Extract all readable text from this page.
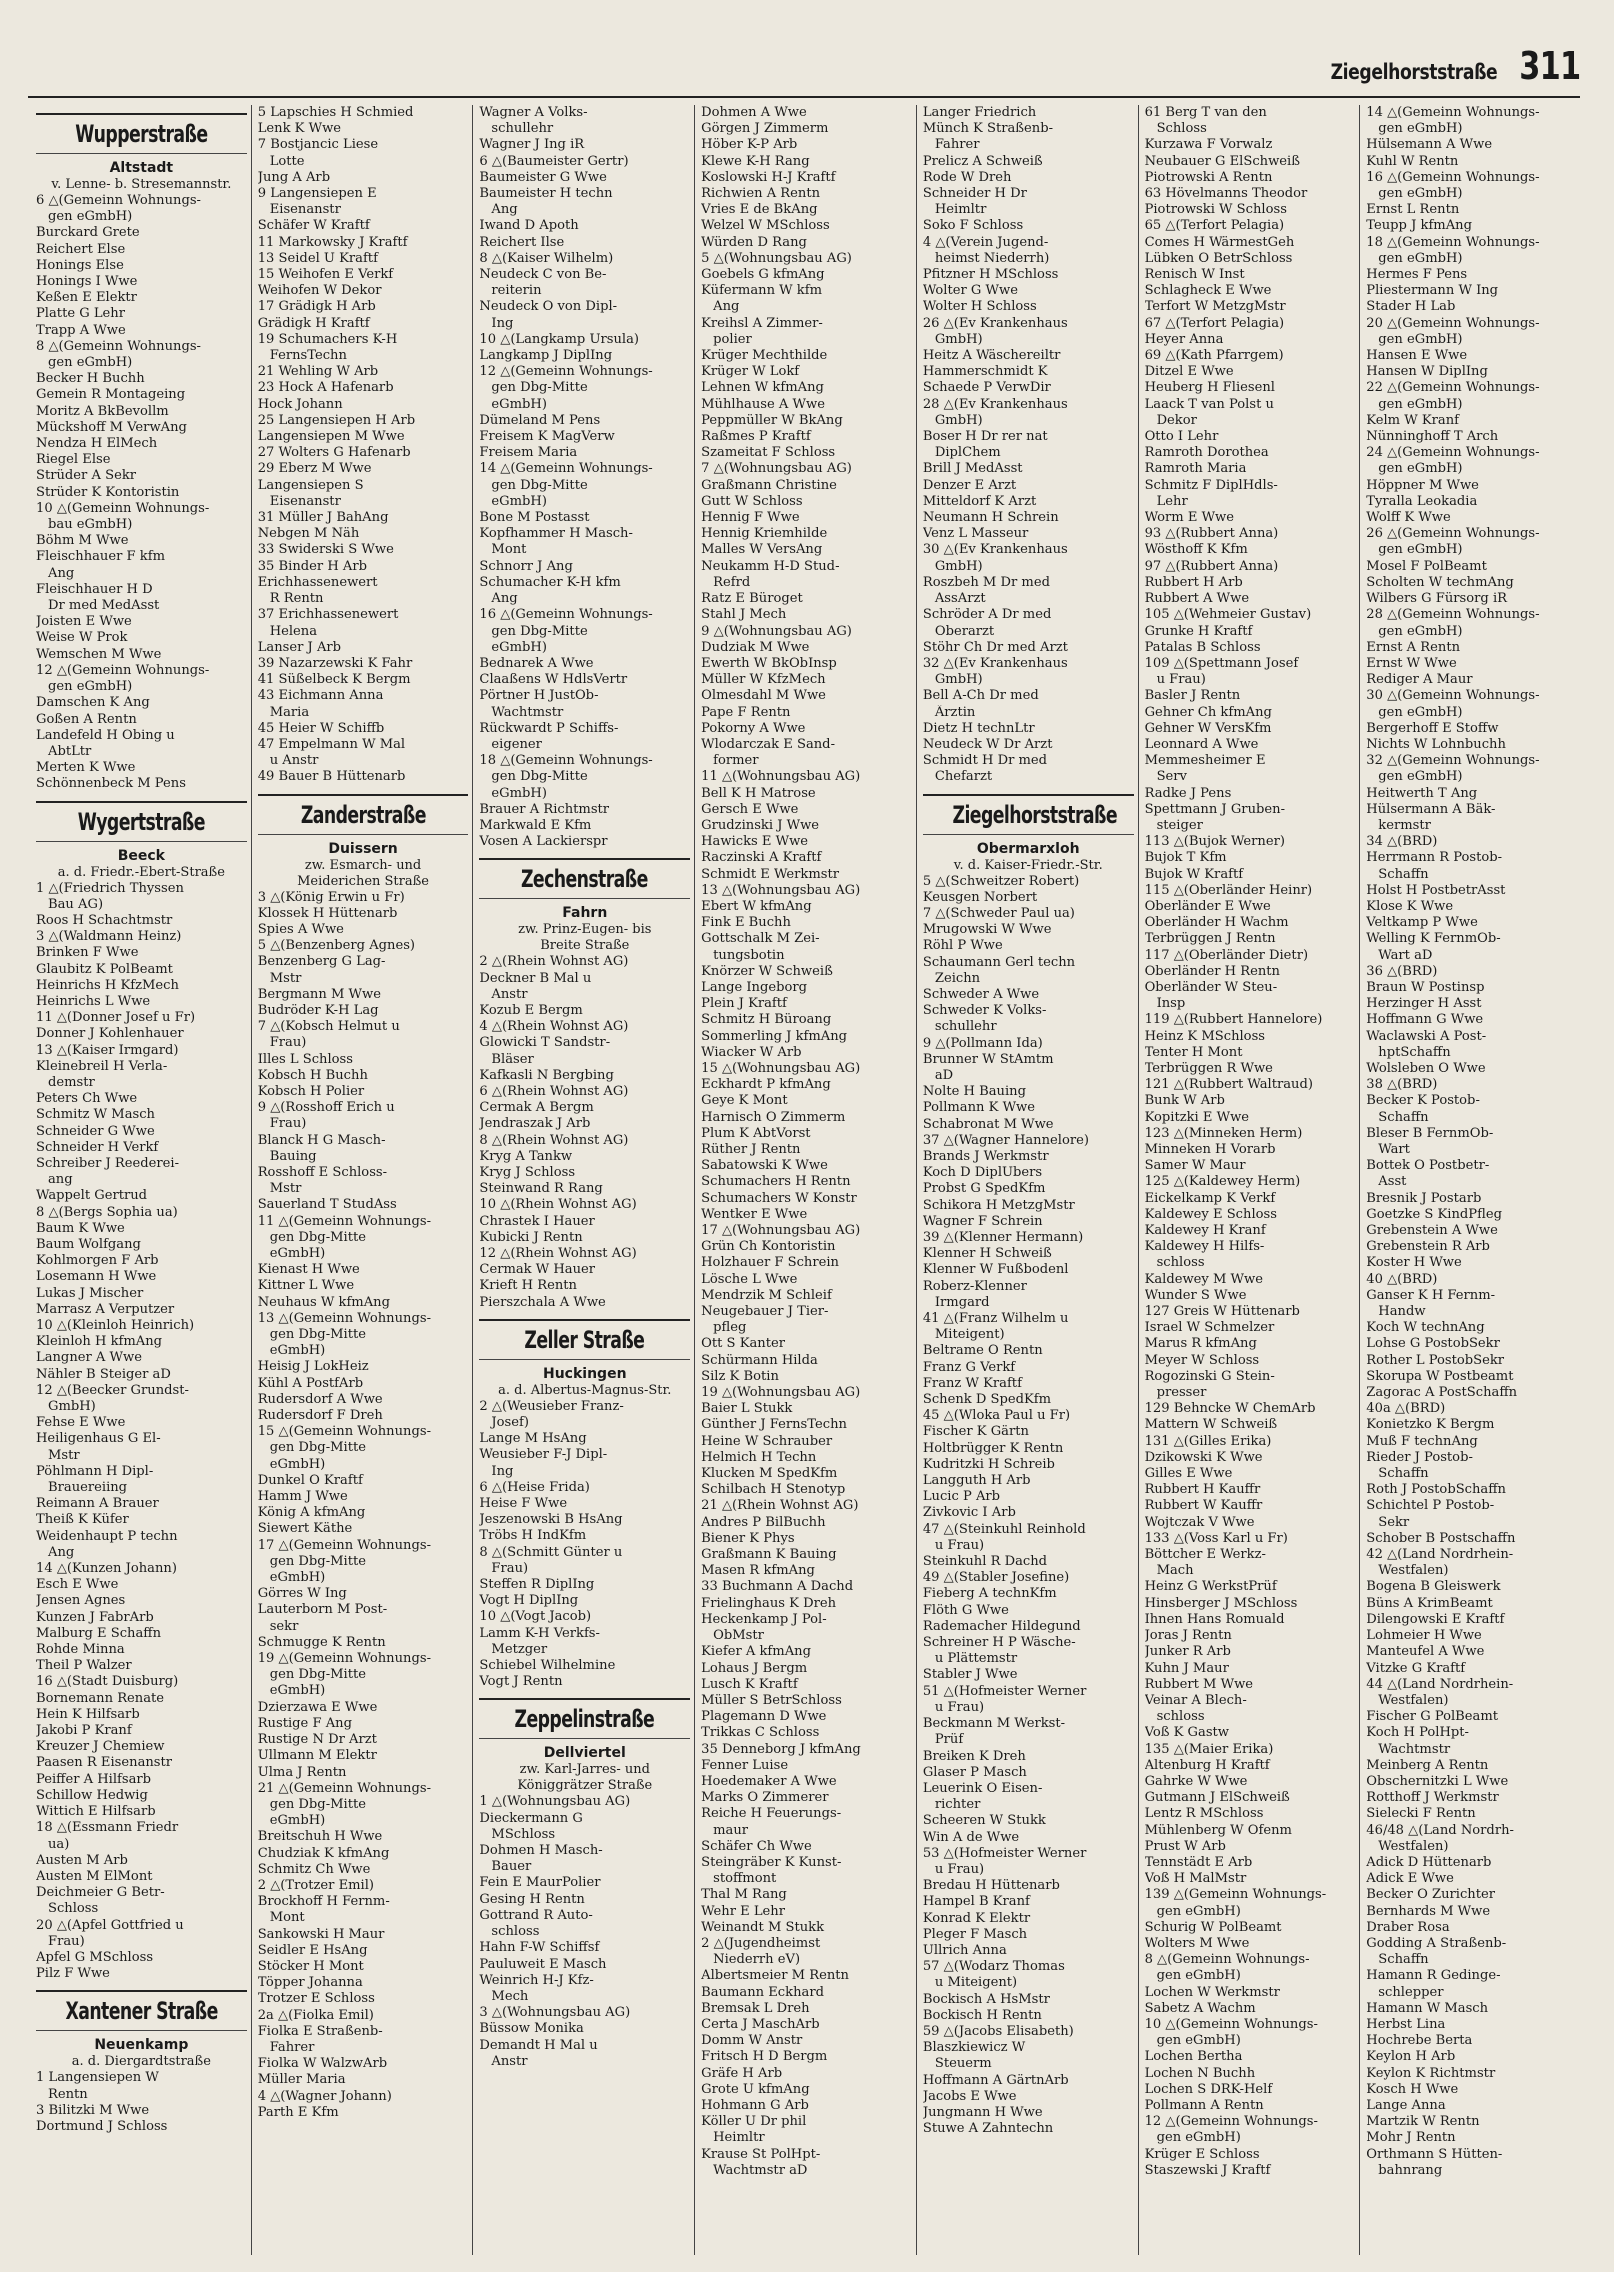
Ziegelhorststraße 311
Wupperstraße
Altstadt
v. Lenne- b. Stresemannstr.
6 △(Gemeinn Wohnungs-
gen eGmbH)
Burckard Grete
Reichert Else
Honings Else
Honings I Wwe
Keßen E Elektr
Platte G Lehr
Trapp A Wwe
8 △(Gemeinn Wohnungs-
gen eGmbH)
Becker H Buchh
Gemein R Montageing
Moritz A BkBevollm
Mückshoff M VerwAng
Nendza H ElMech
Riegel Else
Strüder A Sekr
Strüder K Kontoristin
10 △(Gemeinn Wohnungs-
bau eGmbH)
Böhm M Wwe
Fleischhauer F kfm
Ang
Fleischhauer H D
Dr med MedAsst
Joisten E Wwe
Weise W Prok
Wemschen M Wwe
12 △(Gemeinn Wohnungs-
gen eGmbH)
Damschen K Ang
Goßen A Rentn
Landefeld H Obing u
AbtLtr
Merten K Wwe
Schönnenbeck M Pens
Wygertstraße
Beeck
a. d. Friedr.-Ebert-Straße
1 △(Friedrich Thyssen
Bau AG)
Roos H Schachtmstr
3 △(Waldmann Heinz)
Brinken F Wwe
Glaubitz K PolBeamt
Heinrichs H KfzMech
Heinrichs L Wwe
11 △(Donner Josef u Fr)
Donner J Kohlenhauer
13 △(Kaiser Irmgard)
Kleinebreil H Verla-
demstr
Peters Ch Wwe
Schmitz W Masch
Schneider G Wwe
Schneider H Verkf
Schreiber J Reederei-
ang
Wappelt Gertrud
8 △(Bergs Sophia ua)
Baum K Wwe
Baum Wolfgang
Kohlmorgen F Arb
Losemann H Wwe
Lukas J Mischer
Marrasz A Verputzer
10 △(Kleinloh Heinrich)
Kleinloh H kfmAng
Langner A Wwe
Nähler B Steiger aD
12 △(Beecker Grundst-
GmbH)
Fehse E Wwe
Heiligenhaus G El-
Mstr
Pöhlmann H Dipl-
Brauereiing
Reimann A Brauer
Theiß K Küfer
Weidenhaupt P techn
Ang
14 △(Kunzen Johann)
Esch E Wwe
Jensen Agnes
Kunzen J FabrArb
Malburg E Schaffn
Rohde Minna
Theil P Walzer
16 △(Stadt Duisburg)
Bornemann Renate
Hein K Hilfsarb
Jakobi P Kranf
Kreuzer J Chemiew
Paasen R Eisenanstr
Peiffer A Hilfsarb
Schillow Hedwig
Wittich E Hilfsarb
18 △(Essmann Friedr
ua)
Austen M Arb
Austen M ElMont
Deichmeier G Betr-
Schloss
20 △(Apfel Gottfried u
Frau)
Apfel G MSchloss
Pilz F Wwe
Xantener Straße
Neuenkamp
a. d. Diergardtstraße
1 Langensiepen W
Rentn
3 Bilitzki M Wwe
Dortmund J Schloss
5 Lapschies H Schmied
Lenk K Wwe
7 Bostjancic Liese
Lotte
Jung A Arb
9 Langensiepen E
Eisenanstr
Schäfer W Kraftf
11 Markowsky J Kraftf
13 Seidel U Kraftf
15 Weihofen E Verkf
Weihofen W Dekor
17 Grädigk H Arb
Grädigk H Kraftf
19 Schumachers K-H
FernsTechn
21 Wehling W Arb
23 Hock A Hafenarb
Hock Johann
25 Langensiepen H Arb
Langensiepen M Wwe
27 Wolters G Hafenarb
29 Eberz M Wwe
Langensiepen S
Eisenanstr
31 Müller J BahAng
Nebgen M Näh
33 Swiderski S Wwe
35 Binder H Arb
Erichhassenewert
R Rentn
37 Erichhassenewert
Helena
Lanser J Arb
39 Nazarzewski K Fahr
41 Süßelbeck K Bergm
43 Eichmann Anna
Maria
45 Heier W Schiffb
47 Empelmann W Mal
u Anstr
49 Bauer B Hüttenarb
Zanderstraße
Duissern
zw. Esmarch- und
Meiderichen Straße
3 △(König Erwin u Fr)
Klossek H Hüttenarb
Spies A Wwe
5 △(Benzenberg Agnes)
Benzenberg G Lag-
Mstr
Bergmann M Wwe
Budröder K-H Lag
7 △(Kobsch Helmut u
Frau)
Illes L Schloss
Kobsch H Buchh
Kobsch H Polier
9 △(Rosshoff Erich u
Frau)
Blanck H G Masch-
Bauing
Rosshoff E Schloss-
Mstr
Sauerland T StudAss
11 △(Gemeinn Wohnungs-
gen Dbg-Mitte
eGmbH)
Kienast H Wwe
Kittner L Wwe
Neuhaus W kfmAng
13 △(Gemeinn Wohnungs-
gen Dbg-Mitte
eGmbH)
Heisig J LokHeiz
Kühl A PostfArb
Rudersdorf A Wwe
Rudersdorf F Dreh
15 △(Gemeinn Wohnungs-
gen Dbg-Mitte
eGmbH)
Dunkel O Kraftf
Hamm J Wwe
König A kfmAng
Siewert Käthe
17 △(Gemeinn Wohnungs-
gen Dbg-Mitte
eGmbH)
Görres W Ing
Lauterborn M Post-
sekr
Schmugge K Rentn
19 △(Gemeinn Wohnungs-
gen Dbg-Mitte
eGmbH)
Dzierzawa E Wwe
Rustige F Ang
Rustige N Dr Arzt
Ullmann M Elektr
Ulma J Rentn
21 △(Gemeinn Wohnungs-
gen Dbg-Mitte
eGmbH)
Breitschuh H Wwe
Chudziak K kfmAng
Schmitz Ch Wwe
2 △(Trotzer Emil)
Brockhoff H Fernm-
Mont
Sankowski H Maur
Seidler E HsAng
Stöcker H Mont
Töpper Johanna
Trotzer E Schloss
2a △(Fiolka Emil)
Fiolka E Straßenb-
Fahrer
Fiolka W WalzwArb
Müller Maria
4 △(Wagner Johann)
Parth E Kfm
Wagner A Volks-
schullehr
Wagner J Ing iR
6 △(Baumeister Gertr)
Baumeister G Wwe
Baumeister H techn
Ang
Iwand D Apoth
Reichert Ilse
8 △(Kaiser Wilhelm)
Neudeck C von Be-
reiterin
Neudeck O von Dipl-
Ing
10 △(Langkamp Ursula)
Langkamp J DiplIng
12 △(Gemeinn Wohnungs-
gen Dbg-Mitte
eGmbH)
Dümeland M Pens
Freisem K MagVerw
Freisem Maria
14 △(Gemeinn Wohnungs-
gen Dbg-Mitte
eGmbH)
Bone M Postasst
Kopfhammer H Masch-
Mont
Schnorr J Ang
Schumacher K-H kfm
Ang
16 △(Gemeinn Wohnungs-
gen Dbg-Mitte
eGmbH)
Bednarek A Wwe
Claaßens W HdlsVertr
Pörtner H JustOb-
Wachtmstr
Rückwardt P Schiffs-
eigener
18 △(Gemeinn Wohnungs-
gen Dbg-Mitte
eGmbH)
Brauer A Richtmstr
Markwald E Kfm
Vosen A Lackierspr
Zechenstraße
Fahrn
zw. Prinz-Eugen- bis
Breite Straße
2 △(Rhein Wohnst AG)
Deckner B Mal u
Anstr
Kozub E Bergm
4 △(Rhein Wohnst AG)
Glowicki T Sandstr-
Bläser
Kafkasli N Bergbing
6 △(Rhein Wohnst AG)
Cermak A Bergm
Jendraszak J Arb
8 △(Rhein Wohnst AG)
Kryg A Tankw
Kryg J Schloss
Steinwand R Rang
10 △(Rhein Wohnst AG)
Chrastek I Hauer
Kubicki J Rentn
12 △(Rhein Wohnst AG)
Cermak W Hauer
Krieft H Rentn
Pierszchala A Wwe
Zeller Straße
Huckingen
a. d. Albertus-Magnus-Str.
2 △(Weusieber Franz-
Josef)
Lange M HsAng
Weusieber F-J Dipl-
Ing
6 △(Heise Frida)
Heise F Wwe
Jeszenowski B HsAng
Tröbs H IndKfm
8 △(Schmitt Günter u
Frau)
Steffen R DiplIng
Vogt H DiplIng
10 △(Vogt Jacob)
Lamm K-H Verkfs-
Metzger
Schiebel Wilhelmine
Vogt J Rentn
Zeppelinstraße
Dellviertel
zw. Karl-Jarres- und
Königgrätzer Straße
1 △(Wohnungsbau AG)
Dieckermann G
MSchloss
Dohmen H Masch-
Bauer
Fein E MaurPolier
Gesing H Rentn
Gottrand R Auto-
schloss
Hahn F-W Schiffsf
Pauluweit E Masch
Weinrich H-J Kfz-
Mech
3 △(Wohnungsbau AG)
Büssow Monika
Demandt H Mal u
Anstr
Dohmen A Wwe
Görgen J Zimmerm
Höber K-P Arb
Klewe K-H Rang
Koslowski H-J Kraftf
Richwien A Rentn
Vries E de BkAng
Welzel W MSchloss
Würden D Rang
5 △(Wohnungsbau AG)
Goebels G kfmAng
Küfermann W kfm
Ang
Kreihsl A Zimmer-
polier
Krüger Mechthilde
Krüger W Lokf
Lehnen W kfmAng
Mühlhause A Wwe
Peppmüller W BkAng
Raßmes P Kraftf
Szameitat F Schloss
7 △(Wohnungsbau AG)
Graßmann Christine
Gutt W Schloss
Hennig F Wwe
Hennig Kriemhilde
Malles W VersAng
Neukamm H-D Stud-
Refrd
Ratz E Büroget
Stahl J Mech
9 △(Wohnungsbau AG)
Dudziak M Wwe
Ewerth W BkObInsp
Müller W KfzMech
Olmesdahl M Wwe
Pape F Rentn
Pokorny A Wwe
Wlodarczak E Sand-
former
11 △(Wohnungsbau AG)
Bell K H Matrose
Gersch E Wwe
Grudzinski J Wwe
Hawicks E Wwe
Raczinski A Kraftf
Schmidt E Werkmstr
13 △(Wohnungsbau AG)
Ebert W kfmAng
Fink E Buchh
Gottschalk M Zei-
tungsbotin
Knörzer W Schweiß
Lange Ingeborg
Plein J Kraftf
Schmitz H Büroang
Sommerling J kfmAng
Wiacker W Arb
15 △(Wohnungsbau AG)
Eckhardt P kfmAng
Geye K Mont
Harnisch O Zimmerm
Plum K AbtVorst
Rüther J Rentn
Sabatowski K Wwe
Schumachers H Rentn
Schumachers W Konstr
Wentker E Wwe
17 △(Wohnungsbau AG)
Grün Ch Kontoristin
Holzhauer F Schrein
Lösche L Wwe
Mendrzik M Schleif
Neugebauer J Tier-
pfleg
Ott S Kanter
Schürmann Hilda
Silz K Botin
19 △(Wohnungsbau AG)
Baier L Stukk
Günther J FernsTechn
Heine W Schrauber
Helmich H Techn
Klucken M SpedKfm
Schilbach H Stenotyp
21 △(Rhein Wohnst AG)
Andres P BilBuchh
Biener K Phys
Graßmann K Bauing
Masen R kfmAng
33 Buchmann A Dachd
Frielinghaus K Dreh
Heckenkamp J Pol-
ObMstr
Kiefer A kfmAng
Lohaus J Bergm
Lusch K Kraftf
Müller S BetrSchloss
Plagemann D Wwe
Trikkas C Schloss
35 Denneborg J kfmAng
Fenner Luise
Hoedemaker A Wwe
Marks O Zimmerer
Reiche H Feuerungs-
maur
Schäfer Ch Wwe
Steingräber K Kunst-
stoffmont
Thal M Rang
Wehr E Lehr
Weinandt M Stukk
2 △(Jugendheimst
Niederrh eV)
Albertsmeier M Rentn
Baumann Eckhard
Bremsak L Dreh
Certa J MaschArb
Domm W Anstr
Fritsch H D Bergm
Gräfe H Arb
Grote U kfmAng
Hohmann G Arb
Köller U Dr phil
Heimltr
Krause St PolHpt-
Wachtmstr aD
Langer Friedrich
Münch K Straßenb-
Fahrer
Prelicz A Schweiß
Rode W Dreh
Schneider H Dr
Heimltr
Soko F Schloss
4 △(Verein Jugend-
heimst Niederrh)
Pfitzner H MSchloss
Wolter G Wwe
Wolter H Schloss
26 △(Ev Krankenhaus
GmbH)
Heitz A Wäschereiltr
Hammerschmidt K
Schaede P VerwDir
28 △(Ev Krankenhaus
GmbH)
Boser H Dr rer nat
DiplChem
Brill J MedAsst
Denzer E Arzt
Mitteldorf K Arzt
Neumann H Schrein
Venz L Masseur
30 △(Ev Krankenhaus
GmbH)
Roszbeh M Dr med
AssArzt
Schröder A Dr med
Oberarzt
Stöhr Ch Dr med Arzt
32 △(Ev Krankenhaus
GmbH)
Bell A-Ch Dr med
Ärztin
Dietz H technLtr
Neudeck W Dr Arzt
Schmidt H Dr med
Chefarzt
Ziegelhorststraße
Obermarxloh
v. d. Kaiser-Friedr.-Str.
5 △(Schweitzer Robert)
Keusgen Norbert
7 △(Schweder Paul ua)
Mrugowski W Wwe
Röhl P Wwe
Schaumann Gerl techn
Zeichn
Schweder A Wwe
Schweder K Volks-
schullehr
9 △(Pollmann Ida)
Brunner W StAmtm
aD
Nolte H Bauing
Pollmann K Wwe
Schabronat M Wwe
37 △(Wagner Hannelore)
Brands J Werkmstr
Koch D DiplÜbers
Probst G SpedKfm
Schikora H MetzgMstr
Wagner F Schrein
39 △(Klenner Hermann)
Klenner H Schweiß
Klenner W Fußbodenl
Roberz-Klenner
Irmgard
41 △(Franz Wilhelm u
Miteigent)
Beltrame O Rentn
Franz G Verkf
Franz W Kraftf
Schenk D SpedKfm
45 △(Wloka Paul u Fr)
Fischer K Gärtn
Holtbrügger K Rentn
Kudritzki H Schreib
Langguth H Arb
Lucic P Arb
Zivkovic I Arb
47 △(Steinkuhl Reinhold
u Frau)
Steinkuhl R Dachd
49 △(Stabler Josefine)
Fieberg A technKfm
Flöth G Wwe
Rademacher Hildegund
Schreiner H P Wäsche-
u Plättemstr
Stabler J Wwe
51 △(Hofmeister Werner
u Frau)
Beckmann M Werkst-
Prüf
Breiken K Dreh
Glaser P Masch
Leuerink O Eisen-
richter
Scheeren W Stukk
Win A de Wwe
53 △(Hofmeister Werner
u Frau)
Bredau H Hüttenarb
Hampel B Kranf
Konrad K Elektr
Pleger F Masch
Ullrich Anna
57 △(Wodarz Thomas
u Miteigent)
Bockisch A HsMstr
Bockisch H Rentn
59 △(Jacobs Elisabeth)
Blaszkiewicz W
Steuerm
Hoffmann A GärtnArb
Jacobs E Wwe
Jungmann H Wwe
Stuwe A Zahntechn
61 Berg T van den
Schloss
Kurzawa F Vorwalz
Neubauer G ElSchweiß
Piotrowski A Rentn
63 Hövelmanns Theodor
Piotrowski W Schloss
65 △(Terfort Pelagia)
Comes H WärmestGeh
Lübken O BetrSchloss
Renisch W Inst
Schlagheck E Wwe
Terfort W MetzgMstr
67 △(Terfort Pelagia)
Heyer Anna
69 △(Kath Pfarrgem)
Ditzel E Wwe
Heuberg H Fliesenl
Laack T van Polst u
Dekor
Otto I Lehr
Ramroth Dorothea
Ramroth Maria
Schmitz F DiplHdls-
Lehr
Worm E Wwe
93 △(Rubbert Anna)
Wösthoff K Kfm
97 △(Rubbert Anna)
Rubbert H Arb
Rubbert A Wwe
105 △(Wehmeier Gustav)
Grunke H Kraftf
Patalas B Schloss
109 △(Spettmann Josef
u Frau)
Basler J Rentn
Gehner Ch kfmAng
Gehner W VersKfm
Leonnard A Wwe
Memmesheimer E
Serv
Radke J Pens
Spettmann J Gruben-
steiger
113 △(Bujok Werner)
Bujok T Kfm
Bujok W Kraftf
115 △(Oberländer Heinr)
Oberländer E Wwe
Oberländer H Wachm
Terbrüggen J Rentn
117 △(Oberländer Dietr)
Oberländer H Rentn
Oberländer W Steu-
Insp
119 △(Rubbert Hannelore)
Heinz K MSchloss
Tenter H Mont
Terbrüggen R Wwe
121 △(Rubbert Waltraud)
Bunk W Arb
Kopitzki E Wwe
123 △(Minneken Herm)
Minneken H Vorarb
Samer W Maur
125 △(Kaldewey Herm)
Eickelkamp K Verkf
Kaldewey E Schloss
Kaldewey H Kranf
Kaldewey H Hilfs-
schloss
Kaldewey M Wwe
Wunder S Wwe
127 Greis W Hüttenarb
Israel W Schmelzer
Marus R kfmAng
Meyer W Schloss
Rogozinski G Stein-
presser
129 Behncke W ChemArb
Mattern W Schweiß
131 △(Gilles Erika)
Dzikowski K Wwe
Gilles E Wwe
Rubbert H Kauffr
Rubbert W Kauffr
Wojtczak V Wwe
133 △(Voss Karl u Fr)
Böttcher E Werkz-
Mach
Heinz G WerkstPrüf
Hinsberger J MSchloss
Ihnen Hans Romuald
Joras J Rentn
Junker R Arb
Kuhn J Maur
Rubbert M Wwe
Veinar A Blech-
schloss
Voß K Gastw
135 △(Maier Erika)
Altenburg H Kraftf
Gahrke W Wwe
Gutmann J ElSchweiß
Lentz R MSchloss
Mühlenberg W Ofenm
Prust W Arb
Tennstädt E Arb
Voß H MalMstr
139 △(Gemeinn Wohnungs-
gen eGmbH)
Schurig W PolBeamt
Wolters M Wwe
8 △(Gemeinn Wohnungs-
gen eGmbH)
Lochen W Werkmstr
Sabetz A Wachm
10 △(Gemeinn Wohnungs-
gen eGmbH)
Lochen Bertha
Lochen N Buchh
Lochen S DRK-Helf
Pollmann A Rentn
12 △(Gemeinn Wohnungs-
gen eGmbH)
Krüger E Schloss
Staszewski J Kraftf
14 △(Gemeinn Wohnungs-
gen eGmbH)
Hülsemann A Wwe
Kuhl W Rentn
16 △(Gemeinn Wohnungs-
gen eGmbH)
Ernst L Rentn
Teupp J kfmAng
18 △(Gemeinn Wohnungs-
gen eGmbH)
Hermes F Pens
Pliestermann W Ing
Stader H Lab
20 △(Gemeinn Wohnungs-
gen eGmbH)
Hansen E Wwe
Hansen W DiplIng
22 △(Gemeinn Wohnungs-
gen eGmbH)
Kelm W Kranf
Nünninghoff T Arch
24 △(Gemeinn Wohnungs-
gen eGmbH)
Höppner M Wwe
Tyralla Leokadia
Wolff K Wwe
26 △(Gemeinn Wohnungs-
gen eGmbH)
Mosel F PolBeamt
Scholten W techmAng
Wilbers G Fürsorg iR
28 △(Gemeinn Wohnungs-
gen eGmbH)
Ernst A Rentn
Ernst W Wwe
Rediger A Maur
30 △(Gemeinn Wohnungs-
gen eGmbH)
Bergerhoff E Stoffw
Nichts W Lohnbuchh
32 △(Gemeinn Wohnungs-
gen eGmbH)
Heitwerth T Ang
Hülsermann A Bäk-
kermstr
34 △(BRD)
Herrmann R Postob-
Schaffn
Holst H PostbetrAsst
Klose K Wwe
Veltkamp P Wwe
Welling K FernmOb-
Wart aD
36 △(BRD)
Braun W Postinsp
Herzinger H Asst
Hoffmann G Wwe
Waclawski A Post-
hptSchaffn
Wolsleben O Wwe
38 △(BRD)
Becker K Postob-
Schaffn
Bleser B FernmOb-
Wart
Bottek O Postbetr-
Asst
Bresnik J Postarb
Goetzke S KindPfleg
Grebenstein A Wwe
Grebenstein R Arb
Koster H Wwe
40 △(BRD)
Ganser K H Fernm-
Handw
Koch W technAng
Lohse G PostobSekr
Rother L PostobSekr
Skorupa W Postbeamt
Zagorac A PostSchaffn
40a △(BRD)
Konietzko K Bergm
Muß F technAng
Rieder J Postob-
Schaffn
Roth J PostobSchaffn
Schichtel P Postob-
Sekr
Schober B Postschaffn
42 △(Land Nordrhein-
Westfalen)
Bogena B Gleiswerk
Büns A KrimBeamt
Dilengowski E Kraftf
Lohmeier H Wwe
Manteufel A Wwe
Vitzke G Kraftf
44 △(Land Nordrhein-
Westfalen)
Fischer G PolBeamt
Koch H PolHpt-
Wachtmstr
Meinberg A Rentn
Obschernitzki L Wwe
Rotthoff J Werkmstr
Sielecki F Rentn
46/48 △(Land Nordrh-
Westfalen)
Adick D Hüttenarb
Adick E Wwe
Becker O Zurichter
Bernhards M Wwe
Draber Rosa
Godding A Straßenb-
Schaffn
Hamann R Gedinge-
schlepper
Hamann W Masch
Herbst Lina
Hochrebe Berta
Keylon H Arb
Keylon K Richtmstr
Kosch H Wwe
Lange Anna
Martzik W Rentn
Mohr J Rentn
Orthmann S Hütten-
bahnrang
